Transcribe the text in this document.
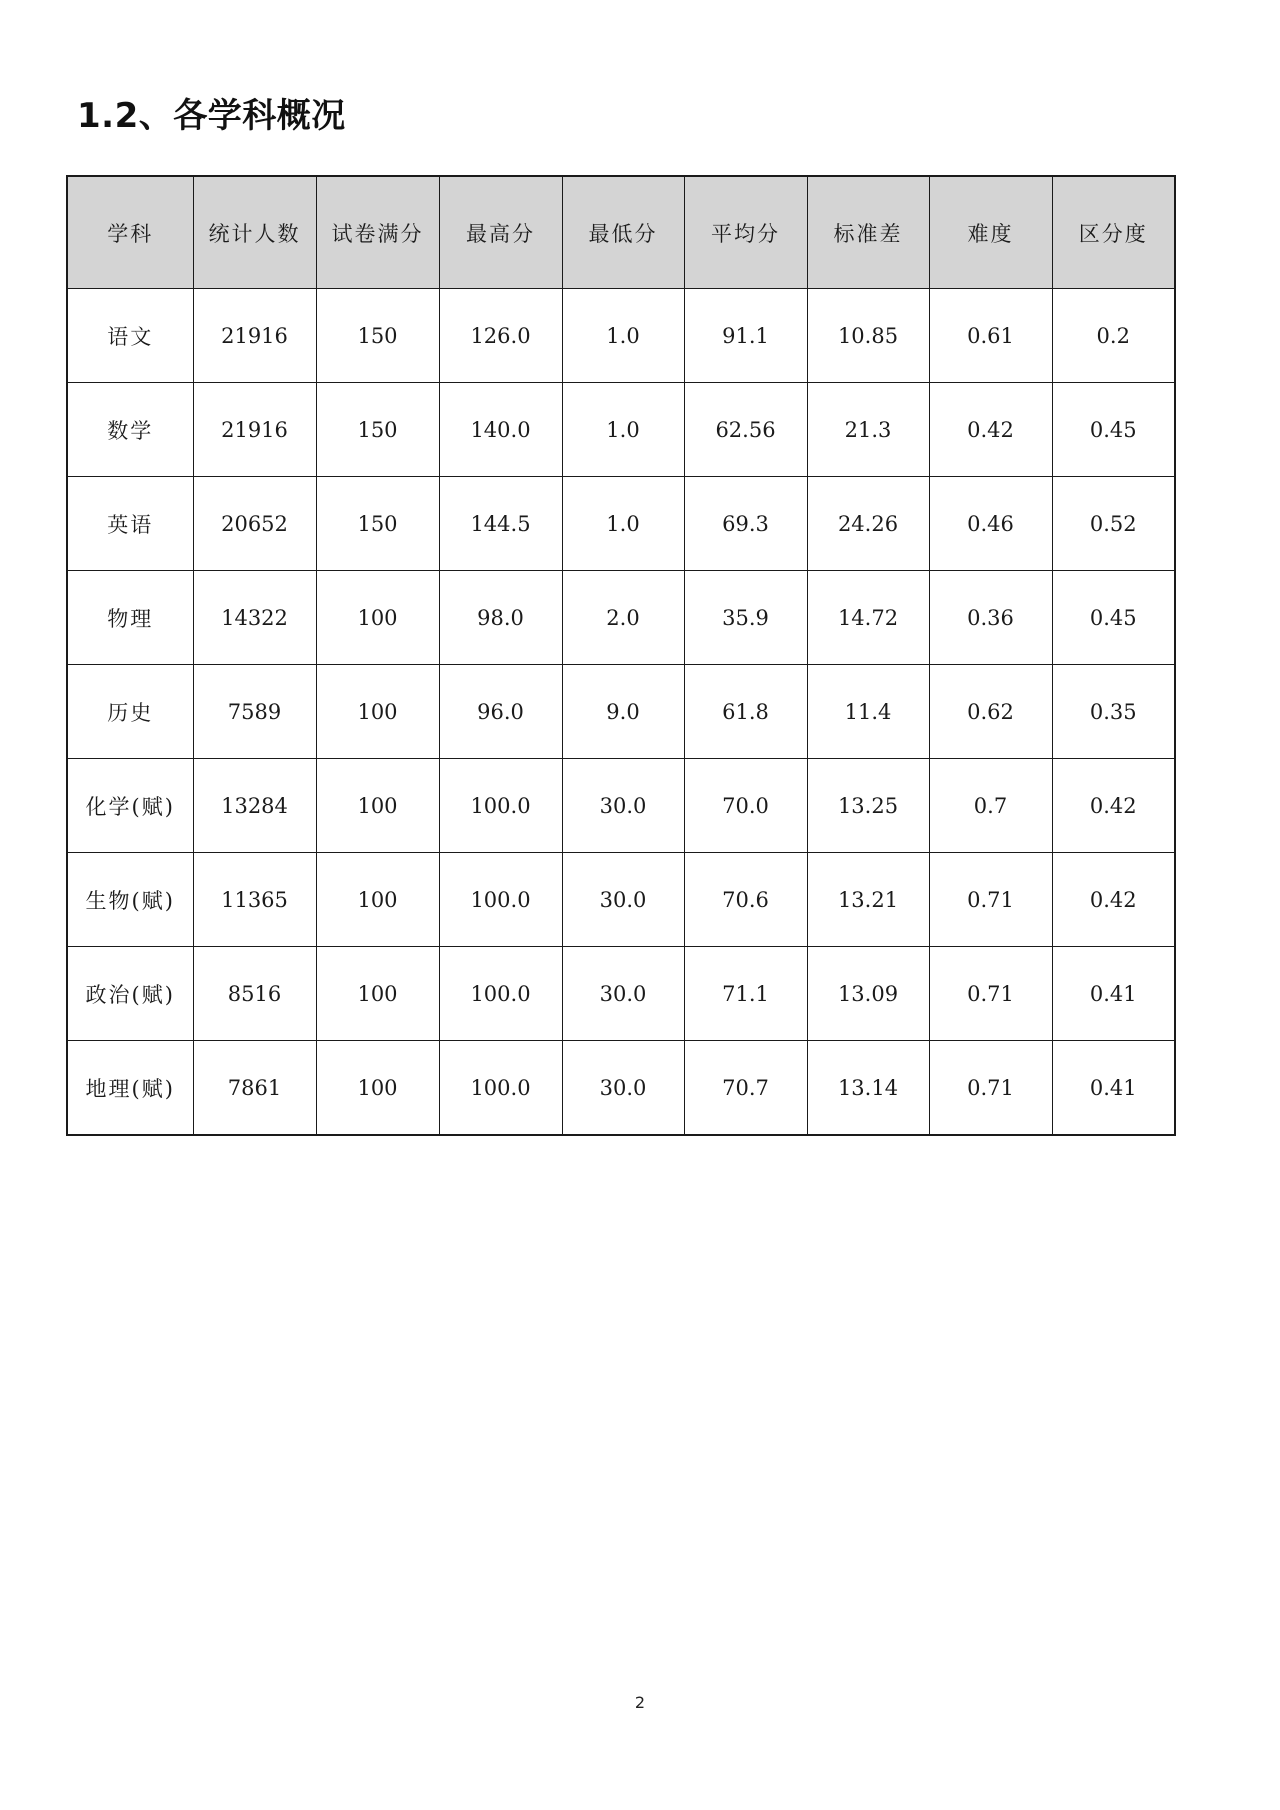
1.2、各学科概况
学科	统计人数	试卷满分	最高分	最低分	平均分	标准差	难度	区分度
语文	21916	150	126.0	1.0	91.1	10.85	0.61	0.2
数学	21916	150	140.0	1.0	62.56	21.3	0.42	0.45
英语	20652	150	144.5	1.0	69.3	24.26	0.46	0.52
物理	14322	100	98.0	2.0	35.9	14.72	0.36	0.45
历史	7589	100	96.0	9.0	61.8	11.4	0.62	0.35
化学(赋)	13284	100	100.0	30.0	70.0	13.25	0.7	0.42
生物(赋)	11365	100	100.0	30.0	70.6	13.21	0.71	0.42
政治(赋)	8516	100	100.0	30.0	71.1	13.09	0.71	0.41
地理(赋)	7861	100	100.0	30.0	70.7	13.14	0.71	0.41
2
